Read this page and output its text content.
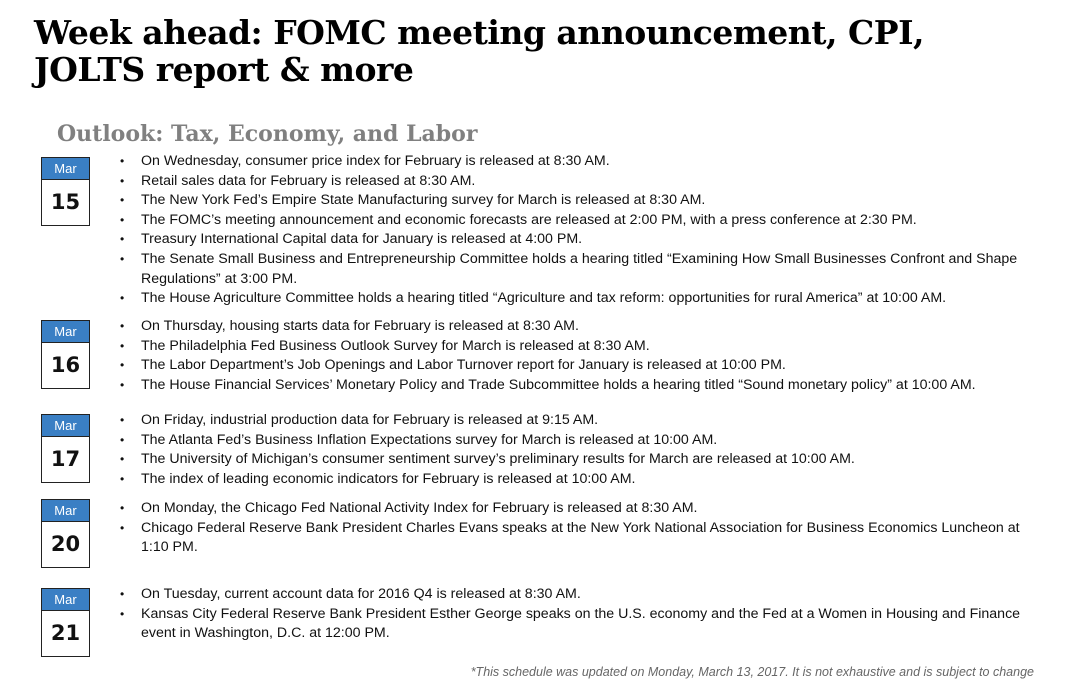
Week ahead: FOMC meeting announcement, CPI, JOLTS report & more
Outlook: Tax, Economy, and Labor
Mar
15
• On Wednesday, consumer price index for February is released at 8:30 AM.
• Retail sales data for February is released at 8:30 AM.
• The New York Fed’s Empire State Manufacturing survey for March is released at 8:30 AM.
• The FOMC’s meeting announcement and economic forecasts are released at 2:00 PM, with a press conference at 2:30 PM.
• Treasury International Capital data for January is released at 4:00 PM.
• The Senate Small Business and Entrepreneurship Committee holds a hearing titled “Examining How Small Businesses Confront and Shape Regulations” at 3:00 PM.
• The House Agriculture Committee holds a hearing titled “Agriculture and tax reform: opportunities for rural America” at 10:00 AM.
Mar
16
• On Thursday, housing starts data for February is released at 8:30 AM.
• The Philadelphia Fed Business Outlook Survey for March is released at 8:30 AM.
• The Labor Department’s Job Openings and Labor Turnover report for January is released at 10:00 PM.
• The House Financial Services’ Monetary Policy and Trade Subcommittee holds a hearing titled “Sound monetary policy” at 10:00 AM.
Mar
17
• On Friday, industrial production data for February is released at 9:15 AM.
• The Atlanta Fed’s Business Inflation Expectations survey for March is released at 10:00 AM.
• The University of Michigan’s consumer sentiment survey’s preliminary results for March are released at 10:00 AM.
• The index of leading economic indicators for February is released at 10:00 AM.
Mar
20
• On Monday, the Chicago Fed National Activity Index for February is released at 8:30 AM.
• Chicago Federal Reserve Bank President Charles Evans speaks at the New York National Association for Business Economics Luncheon at 1:10 PM.
Mar
21
• On Tuesday, current account data for 2016 Q4 is released at 8:30 AM.
• Kansas City Federal Reserve Bank President Esther George speaks on the U.S. economy and the Fed at a Women in Housing and Finance event in Washington, D.C. at 12:00 PM.
*This schedule was updated on Monday, March 13, 2017. It is not exhaustive and is subject to change
